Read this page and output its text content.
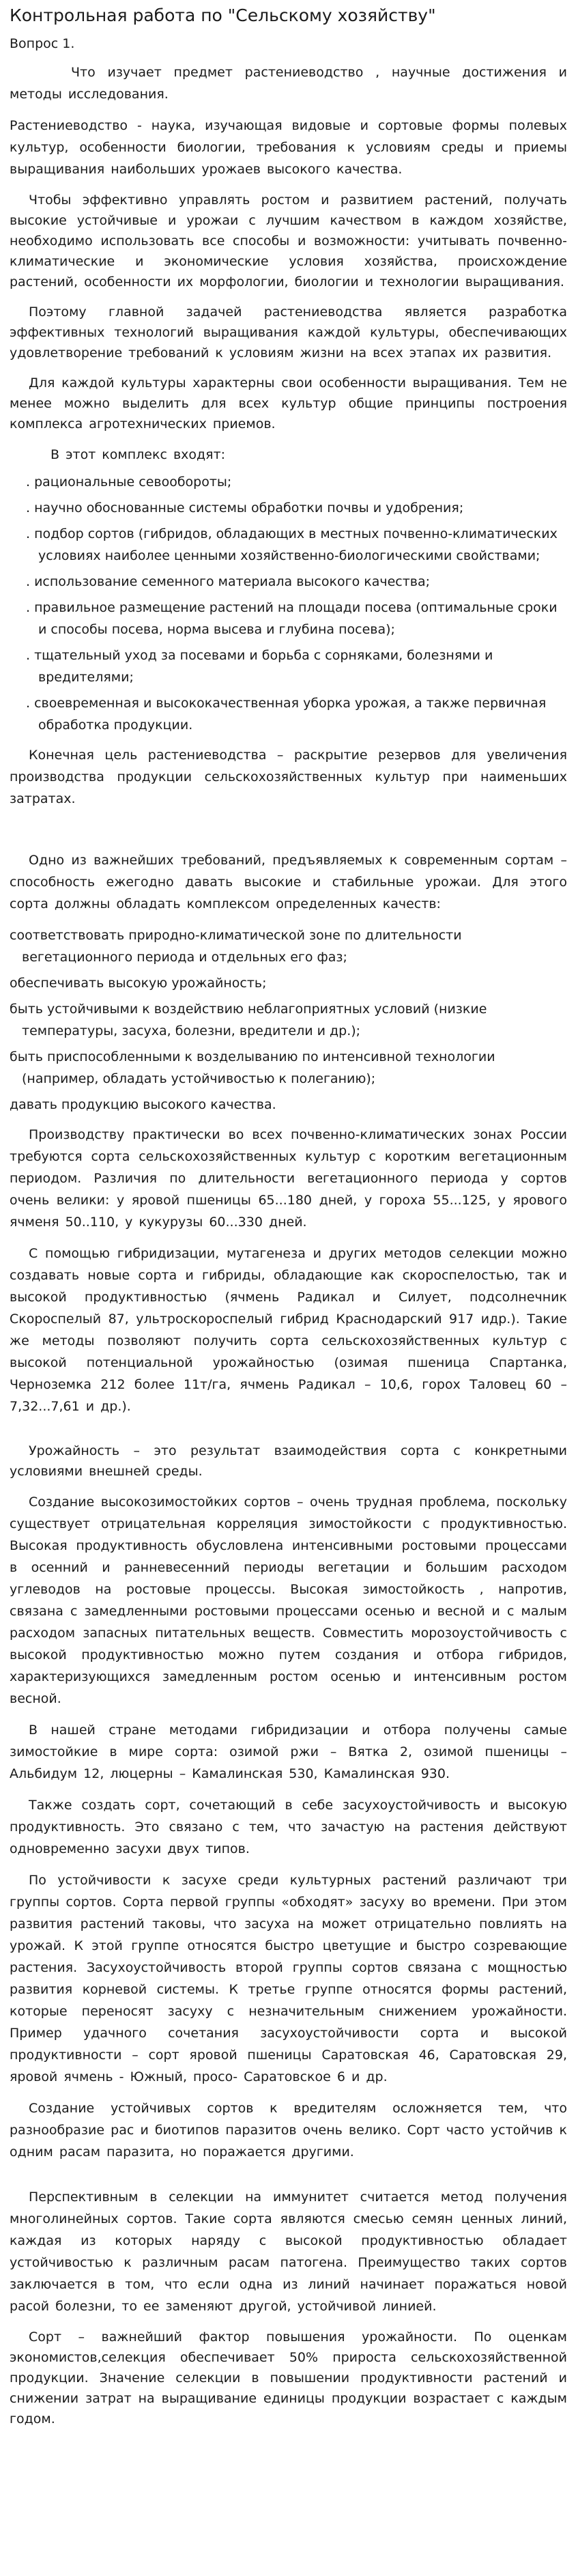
Контрольная работа по "Сельскому хозяйству"
Вопрос 1.

Что изучает предмет растениеводство , научные достижения и методы исследования.

Растениеводство - наука, изучающая видовые и сортовые формы полевых культур, особенности биологии, требования к условиям среды и приемы выращивания наибольших урожаев высокого качества.

Чтобы эффективно управлять ростом и развитием растений, получать высокие устойчивые и урожаи с лучшим качеством в каждом хозяйстве, необходимо использовать все способы и возможности: учитывать почвенно-климатические и экономические условия хозяйства, происхождение растений, особенности их морфологии, биологии и технологии выращивания.

Поэтому главной задачей растениеводства является разработка эффективных технологий выращивания каждой культуры, обеспечивающих удовлетворение требований к условиям жизни на всех этапах их развития.

Для каждой культуры характерны свои особенности выращивания. Тем не менее можно выделить для всех культур общие принципы построения комплекса агротехнических приемов.

В этот комплекс входят:

. рациональные севообороты;
. научно обоснованные системы обработки почвы и удобрения;
. подбор сортов (гибридов, обладающих в местных почвенно-климатических условиях наиболее ценными хозяйственно-биологическими свойствами;
. использование семенного материала высокого качества;
. правильное размещение растений на площади посева (оптимальные сроки и способы посева, норма высева и глубина посева);
. тщательный уход за посевами и борьба с сорняками, болезнями и вредителями;
. своевременная и высококачественная уборка урожая, а также первичная обработка продукции.

Конечная цель растениеводства – раскрытие резервов для увеличения производства продукции сельскохозяйственных культур при наименьших затратах.

Одно из важнейших требований, предъявляемых к современным сортам – способность ежегодно давать высокие и стабильные урожаи. Для этого сорта должны обладать комплексом определенных качеств:

соответствовать природно-климатической зоне по длительности вегетационного периода и отдельных его фаз;
обеспечивать высокую урожайность;
быть устойчивыми к воздействию неблагоприятных условий (низкие температуры, засуха, болезни, вредители и др.);
быть приспособленными к возделыванию по интенсивной технологии (например, обладать устойчивостью к полеганию);
давать продукцию высокого качества.

Производству практически во всех почвенно-климатических зонах России требуются сорта сельскохозяйственных культур с коротким вегетационным периодом. Различия по длительности вегетационного периода у сортов очень велики: у яровой пшеницы 65...180 дней, у гороха 55...125, у ярового ячменя 50..110, у кукурузы 60...330 дней.

С помощью гибридизации, мутагенеза и других методов селекции можно создавать новые сорта и гибриды, обладающие как скороспелостью, так и высокой продуктивностью (ячмень Радикал и Силует, подсолнечник Скороспелый 87, ультроскороспелый гибрид Краснодарский 917 идр.). Такие же методы позволяют получить сорта сельскохозяйственных культур с высокой потенциальной урожайностью (озимая пшеница Спартанка, Черноземка 212 более 11т/га, ячмень Радикал – 10,6, горох Таловец 60 – 7,32...7,61 и др.).

Урожайность – это результат взаимодействия сорта с конкретными условиями внешней среды.

Создание высокозимостойких сортов – очень трудная проблема, поскольку существует отрицательная корреляция зимостойкости с продуктивностью. Высокая продуктивность обусловлена интенсивными ростовыми процессами в осенний и ранневесенний периоды вегетации и большим расходом углеводов на ростовые процессы. Высокая зимостойкость , напротив, связана с замедленными ростовыми процессами осенью и весной и с малым расходом запасных питательных веществ. Совместить морозоустойчивость с высокой продуктивностью можно путем создания и отбора гибридов, характеризующихся замедленным ростом осенью и интенсивным ростом весной.

В нашей стране методами гибридизации и отбора получены самые зимостойкие в мире сорта: озимой ржи – Вятка 2, озимой пшеницы – Альбидум 12, люцерны – Камалинская 530, Камалинская 930.

Также создать сорт, сочетающий в себе засухоустойчивость и высокую продуктивность. Это связано с тем, что зачастую на растения действуют одновременно засухи двух типов.

По устойчивости к засухе среди культурных растений различают три группы сортов. Сорта первой группы «обходят» засуху во времени. При этом развития растений таковы, что засуха на может отрицательно повлиять на урожай. К этой группе относятся быстро цветущие и быстро созревающие растения. Засухоустойчивость второй группы сортов связана с мощностью развития корневой системы. К третье группе относятся формы растений, которые переносят засуху с незначительным снижением урожайности. Пример удачного сочетания засухоустойчивости сорта и высокой продуктивности – сорт яровой пшеницы Саратовская 46, Саратовская 29, яровой ячмень - Южный, просо- Саратовское 6 и др.

Создание устойчивых сортов к вредителям осложняется тем, что разнообразие рас и биотипов паразитов очень велико. Сорт часто устойчив к одним расам паразита, но поражается другими.

Перспективным в селекции на иммунитет считается метод получения многолинейных сортов. Такие сорта являются смесью семян ценных линий, каждая из которых наряду с высокой продуктивностью обладает устойчивостью к различным расам патогена. Преимущество таких сортов заключается в том, что если одна из линий начинает поражаться новой расой болезни, то ее заменяют другой, устойчивой линией.

Сорт – важнейший фактор повышения урожайности. По оценкам экономистов,селекция обеспечивает 50% прироста сельскохозяйственной продукции. Значение селекции в повышении продуктивности растений и снижении затрат на выращивание единицы продукции возрастает с каждым годом.
